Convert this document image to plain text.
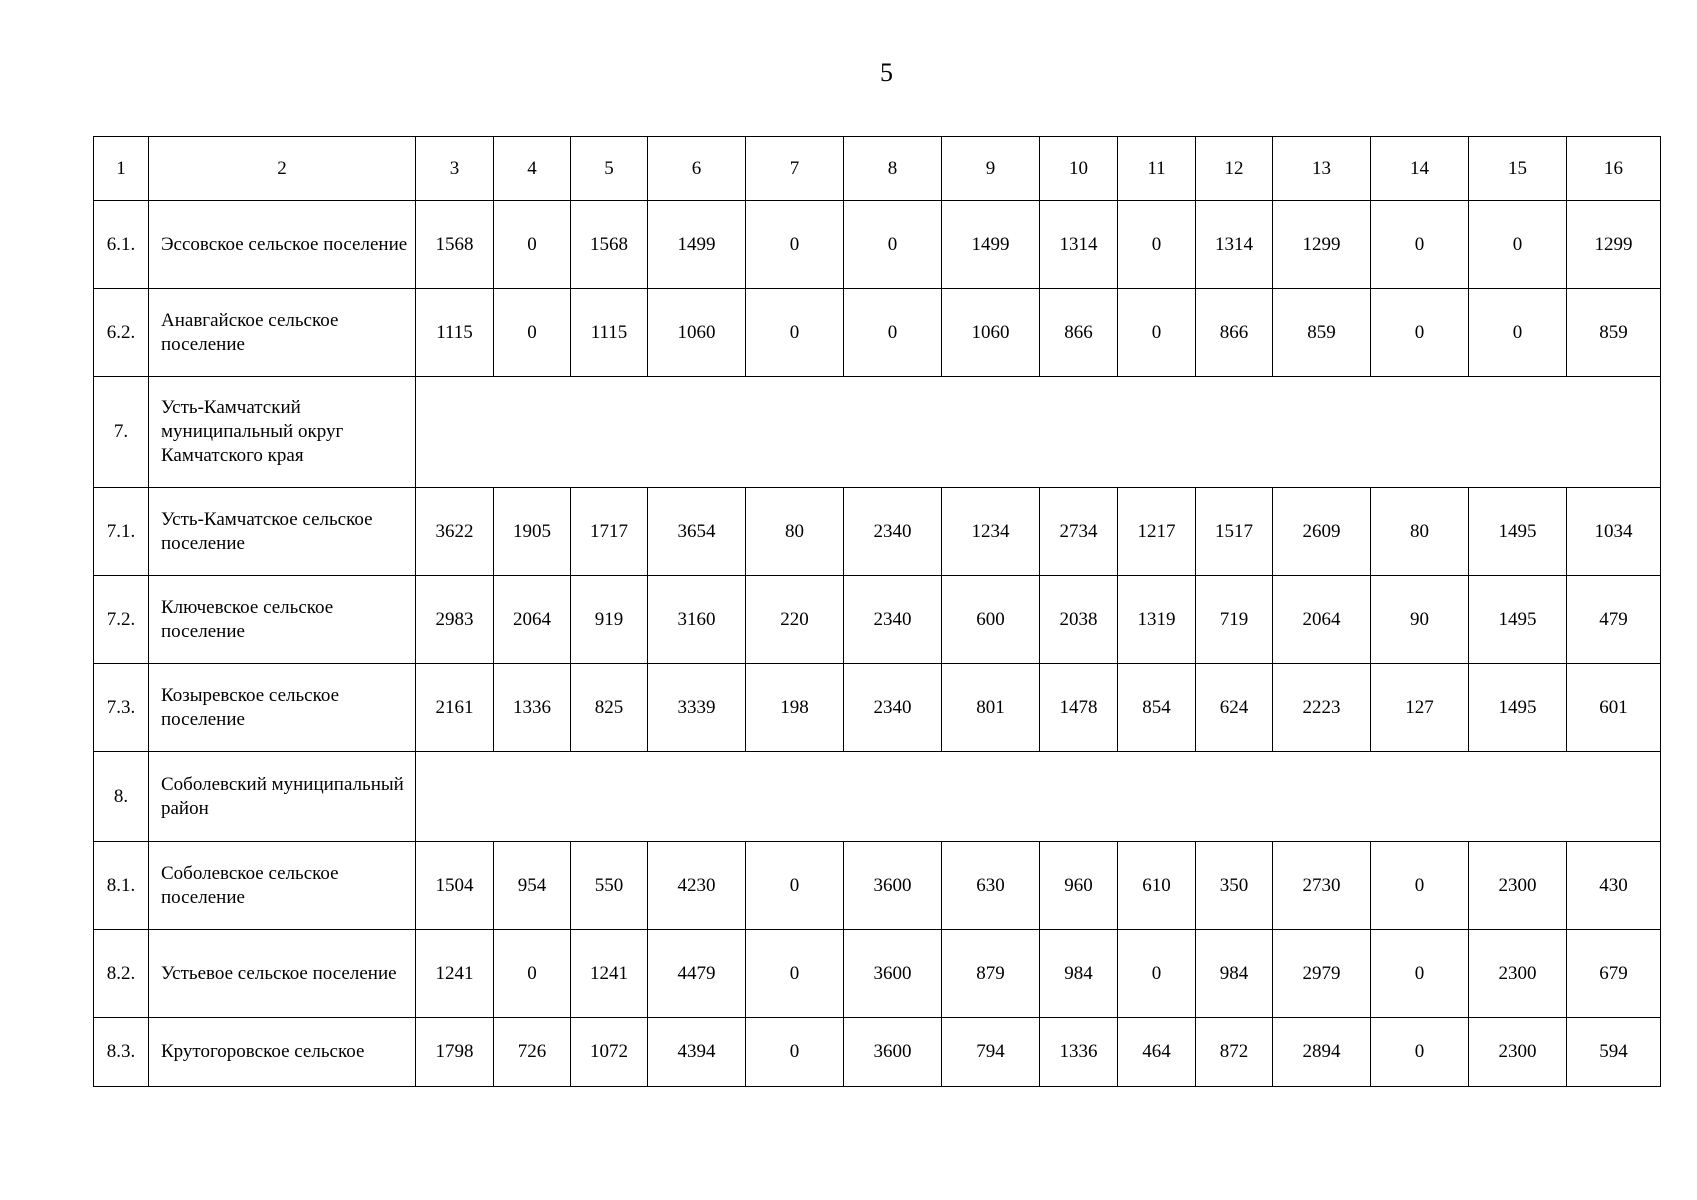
5
1	2	3	4	5	6	7	8	9	10	11	12	13	14	15	16
6.1.	Эссовское сельское поселение	1568	0	1568	1499	0	0	1499	1314	0	1314	1299	0	0	1299
6.2.	Анавгайское сельское поселение	1115	0	1115	1060	0	0	1060	866	0	866	859	0	0	859
7.	Усть-Камчатский муниципальный округ Камчатского края														
7.1.	Усть-Камчатское сельское поселение	3622	1905	1717	3654	80	2340	1234	2734	1217	1517	2609	80	1495	1034
7.2.	Ключевское сельское поселение	2983	2064	919	3160	220	2340	600	2038	1319	719	2064	90	1495	479
7.3.	Козыревское сельское поселение	2161	1336	825	3339	198	2340	801	1478	854	624	2223	127	1495	601
8.	Соболевский муниципальный район														
8.1.	Соболевское сельское поселение	1504	954	550	4230	0	3600	630	960	610	350	2730	0	2300	430
8.2.	Устьевое сельское поселение	1241	0	1241	4479	0	3600	879	984	0	984	2979	0	2300	679
8.3.	Крутогоровское сельское	1798	726	1072	4394	0	3600	794	1336	464	872	2894	0	2300	594
